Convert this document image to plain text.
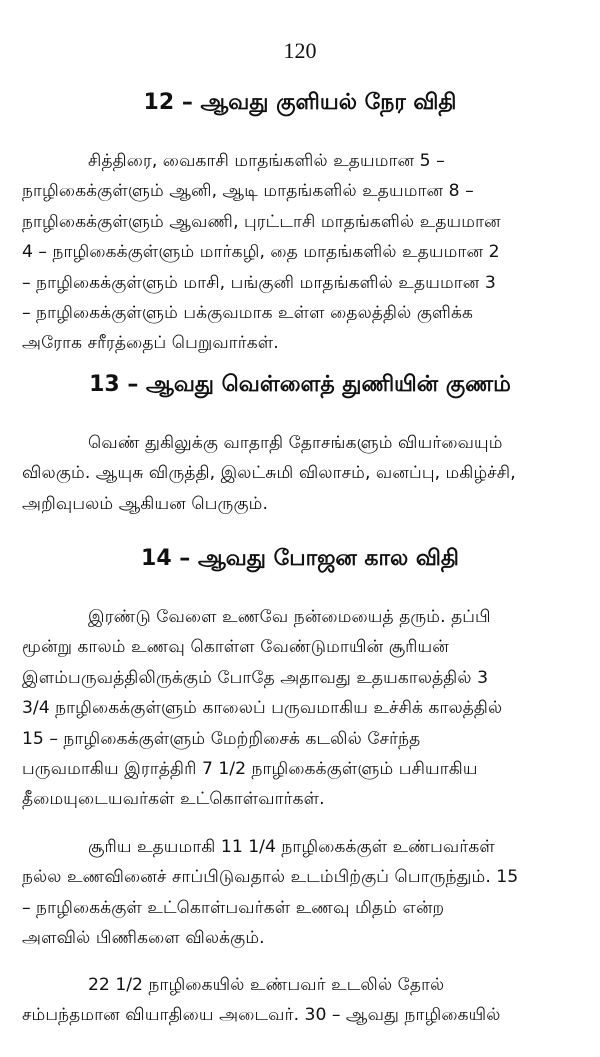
120
12 – ஆவது குளியல் நேர விதி
சித்திரை, வைகாசி மாதங்களில் உதயமான 5 –
நாழிகைக்குள்ளும் ஆனி, ஆடி மாதங்களில் உதயமான 8 –
நாழிகைக்குள்ளும் ஆவணி, புரட்டாசி மாதங்களில் உதயமான
4 – நாழிகைக்குள்ளும் மார்கழி, தை மாதங்களில் உதயமான 2
– நாழிகைக்குள்ளும் மாசி, பங்குனி மாதங்களில் உதயமான 3
– நாழிகைக்குள்ளும் பக்குவமாக உள்ள தைலத்தில் குளிக்க
அரோக சரீரத்தைப் பெறுவார்கள்.
13 – ஆவது வெள்ளைத் துணியின் குணம்
வெண் துகிலுக்கு வாதாதி தோசங்களும் வியர்வையும்
விலகும். ஆயுசு விருத்தி, இலட்சுமி விலாசம், வனப்பு, மகிழ்ச்சி,
அறிவுபலம் ஆகியன பெருகும்.
14 – ஆவது போஜன கால விதி
இரண்டு வேளை உணவே நன்மையைத் தரும். தப்பி
மூன்று காலம் உணவு கொள்ள வேண்டுமாயின் சூரியன்
இளம்பருவத்திலிருக்கும் போதே அதாவது உதயகாலத்தில் 3
3/4 நாழிகைக்குள்ளும் காலைப் பருவமாகிய உச்சிக் காலத்தில்
15 – நாழிகைக்குள்ளும் மேற்றிசைக் கடலில் சேர்ந்த
பருவமாகிய இராத்திரி 7 1/2 நாழிகைக்குள்ளும் பசியாகிய
தீமையுடையவர்கள் உட்கொள்வார்கள்.
சூரிய உதயமாகி 11 1/4 நாழிகைக்குள் உண்பவர்கள்
நல்ல உணவினைச் சாப்பிடுவதால் உடம்பிற்குப் பொருந்தும். 15
– நாழிகைக்குள் உட்கொள்பவர்கள் உணவு மிதம் என்ற
அளவில் பிணிகளை விலக்கும்.
22 1/2 நாழிகையில் உண்பவர் உடலில் தோல்
சம்பந்தமான வியாதியை அடைவர். 30 – ஆவது நாழிகையில்
